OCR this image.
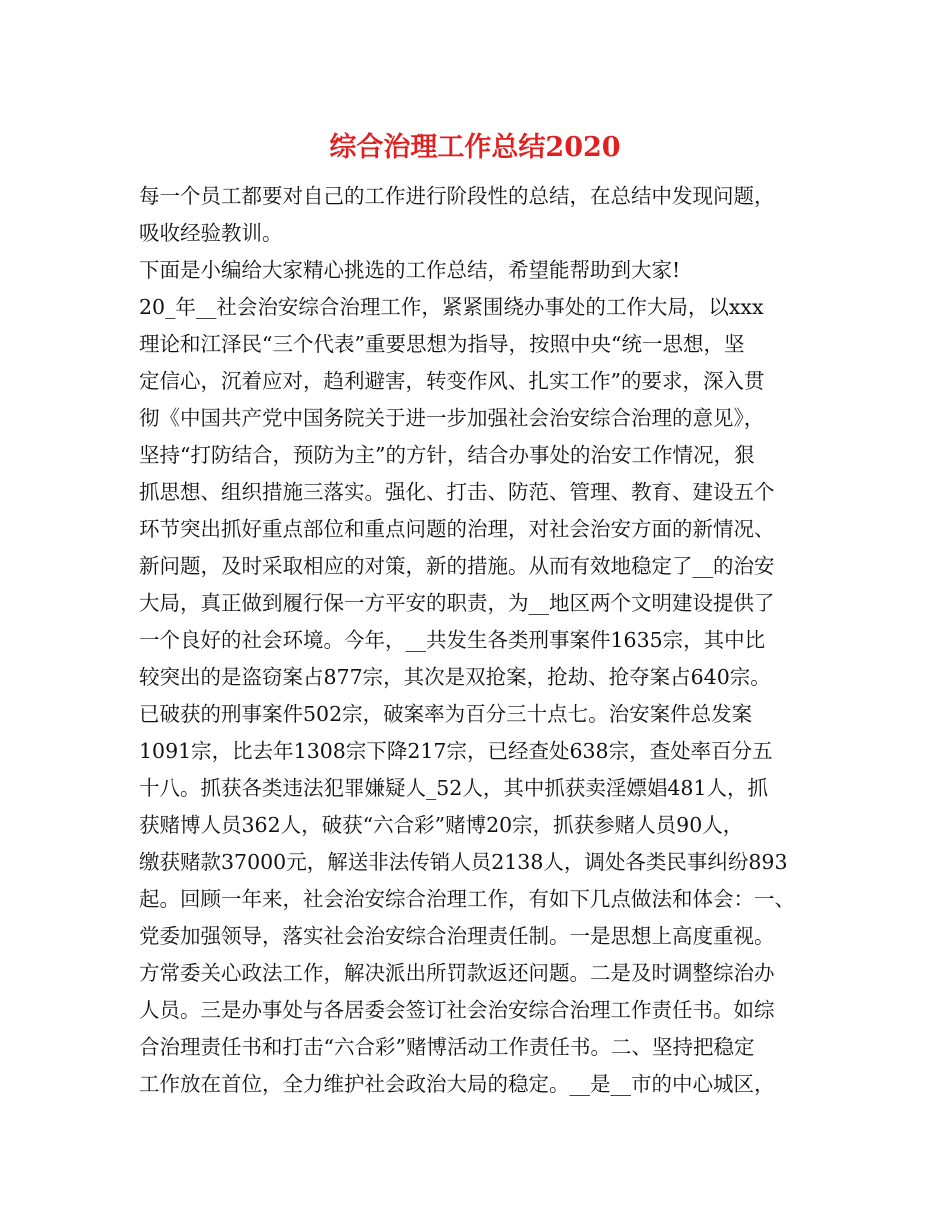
综合治理工作总结2020
每一个员工都要对自己的工作进行阶段性的总结，在总结中发现问题，
吸收经验教训。
下面是小编给大家精心挑选的工作总结，希望能帮助到大家!
20_年__社会治安综合治理工作，紧紧围绕办事处的工作大局，以xxx
理论和江泽民“三个代表”重要思想为指导，按照中央“统一思想，坚
定信心，沉着应对，趋利避害，转变作风、扎实工作”的要求，深入贯
彻《中国共产党中国务院关于进一步加强社会治安综合治理的意见》，
坚持“打防结合，预防为主”的方针，结合办事处的治安工作情况，狠
抓思想、组织措施三落实。强化、打击、防范、管理、教育、建设五个
环节突出抓好重点部位和重点问题的治理，对社会治安方面的新情况、
新问题，及时采取相应的对策，新的措施。从而有效地稳定了__的治安
大局，真正做到履行保一方平安的职责，为__地区两个文明建设提供了
一个良好的社会环境。今年，__共发生各类刑事案件1635宗，其中比
较突出的是盗窃案占877宗，其次是双抢案，抢劫、抢夺案占640宗。
已破获的刑事案件502宗，破案率为百分三十点七。治安案件总发案
1091宗，比去年1308宗下降217宗，已经查处638宗，查处率百分五
十八。抓获各类违法犯罪嫌疑人_52人，其中抓获卖淫嫖娼481人，抓
获赌博人员362人，破获“六合彩”赌博20宗，抓获参赌人员90人，
缴获赌款37000元，解送非法传销人员2138人，调处各类民事纠纷893
起。回顾一年来，社会治安综合治理工作，有如下几点做法和体会：一、
党委加强领导，落实社会治安综合治理责任制。一是思想上高度重视。
方常委关心政法工作，解决派出所罚款返还问题。二是及时调整综治办
人员。三是办事处与各居委会签订社会治安综合治理工作责任书。如综
合治理责任书和打击“六合彩”赌博活动工作责任书。二、坚持把稳定
工作放在首位，全力维护社会政治大局的稳定。__是__市的中心城区，
